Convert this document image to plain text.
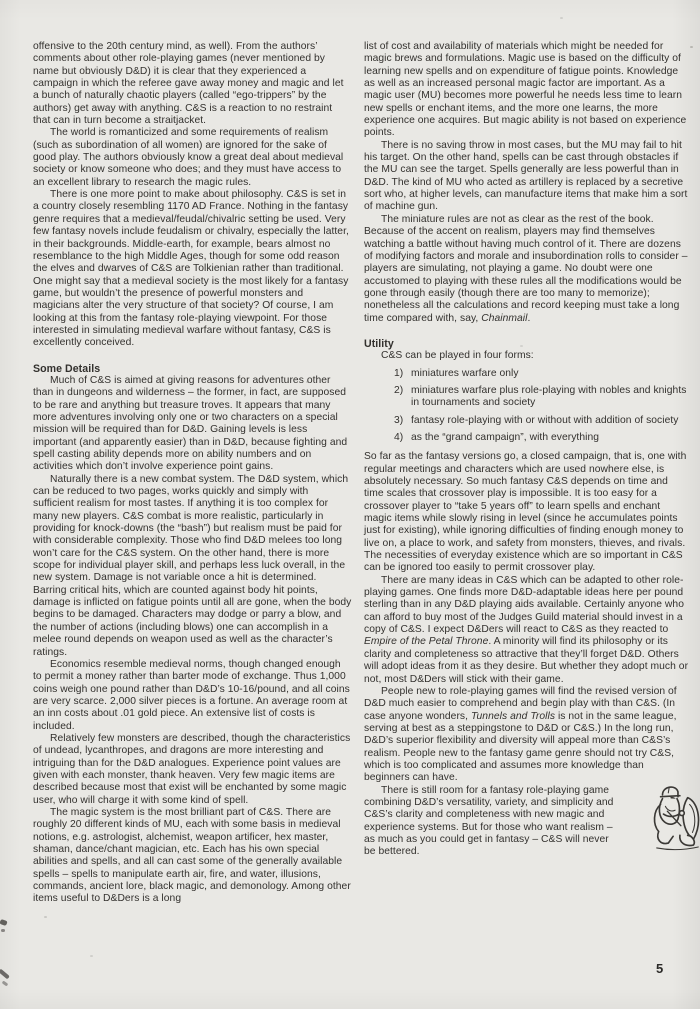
offensive to the 20th century mind, as well). From the authors’ comments about other role-playing games (never mentioned by name but obviously D&D) it is clear that they experienced a campaign in which the referee gave away money and magic and let a bunch of naturally chaotic players (called “ego-trippers” by the authors) get away with anything. C&S is a reaction to no restraint that can in turn become a straitjacket.

The world is romanticized and some requirements of realism (such as subordination of all women) are ignored for the sake of good play. The authors obviously know a great deal about medieval society or know someone who does; and they must have access to an excellent library to research the magic rules.

There is one more point to make about philosophy. C&S is set in a country closely resembling 1170 AD France. Nothing in the fantasy genre requires that a medieval/feudal/chivalric setting be used. Very few fantasy novels include feudalism or chivalry, especially the latter, in their backgrounds. Middle-earth, for example, bears almost no resemblance to the high Middle Ages, though for some odd reason the elves and dwarves of C&S are Tolkienian rather than traditional. One might say that a medieval society is the most likely for a fantasy game, but wouldn’t the presence of powerful monsters and magicians alter the very structure of that society? Of course, I am looking at this from the fantasy role-playing viewpoint. For those interested in simulating medieval warfare without fantasy, C&S is excellently conceived.

Some Details

Much of C&S is aimed at giving reasons for adventures other than in dungeons and wilderness – the former, in fact, are supposed to be rare and anything but treasure troves. It appears that many more adventures involving only one or two characters on a special mission will be required than for D&D. Gaining levels is less important (and apparently easier) than in D&D, because fighting and spell casting ability depends more on ability numbers and on activities which don’t involve experience point gains.

Naturally there is a new combat system. The D&D system, which can be reduced to two pages, works quickly and simply with sufficient realism for most tastes. If anything it is too complex for many new players. C&S combat is more realistic, particularly in providing for knock-downs (the “bash”) but realism must be paid for with considerable complexity. Those who find D&D melees too long won’t care for the C&S system. On the other hand, there is more scope for individual player skill, and perhaps less luck overall, in the new system. Damage is not variable once a hit is determined. Barring critical hits, which are counted against body hit points, damage is inflicted on fatigue points until all are gone, when the body begins to be damaged. Characters may dodge or parry a blow, and the number of actions (including blows) one can accomplish in a melee round depends on weapon used as well as the character’s ratings.

Economics resemble medieval norms, though changed enough to permit a money rather than barter mode of exchange. Thus 1,000 coins weigh one pound rather than D&D’s 10-16/pound, and all coins are very scarce. 2,000 silver pieces is a fortune. An average room at an inn costs about .01 gold piece. An extensive list of costs is included.

Relatively few monsters are described, though the characteristics of undead, lycanthropes, and dragons are more interesting and intriguing than for the D&D analogues. Experience point values are given with each monster, thank heaven. Very few magic items are described because most that exist will be enchanted by some magic user, who will charge it with some kind of spell.

The magic system is the most brilliant part of C&S. There are roughly 20 different kinds of MU, each with some basis in medieval notions, e.g. astrologist, alchemist, weapon artificer, hex master, shaman, dance/chant magician, etc. Each has his own special abilities and spells, and all can cast some of the generally available spells – spells to manipulate earth air, fire, and water, illusions, commands, ancient lore, black magic, and demonology. Among other items useful to D&Ders is a long

list of cost and availability of materials which might be needed for magic brews and formulations. Magic use is based on the difficulty of learning new spells and on expenditure of fatigue points. Knowledge as well as an increased personal magic factor are important. As a magic user (MU) becomes more powerful he needs less time to learn new spells or enchant items, and the more one learns, the more experience one acquires. But magic ability is not based on experience points.

There is no saving throw in most cases, but the MU may fail to hit his target. On the other hand, spells can be cast through obstacles if the MU can see the target. Spells generally are less powerful than in D&D. The kind of MU who acted as artillery is replaced by a secretive sort who, at higher levels, can manufacture items that make him a sort of machine gun.

The miniature rules are not as clear as the rest of the book. Because of the accent on realism, players may find themselves watching a battle without having much control of it. There are dozens of modifying factors and morale and insubordination rolls to consider – players are simulating, not playing a game. No doubt were one accustomed to playing with these rules all the modifications would be gone through easily (though there are too many to memorize); nonetheless all the calculations and record keeping must take a long time compared with, say, Chainmail.

Utility

C&S can be played in four forms:

1) miniatures warfare only
2) miniatures warfare plus role-playing with nobles and knights in tournaments and society
3) fantasy role-playing with or without with addition of society
4) as the “grand campaign”, with everything

So far as the fantasy versions go, a closed campaign, that is, one with regular meetings and characters which are used nowhere else, is absolutely necessary. So much fantasy C&S depends on time and time scales that crossover play is impossible. It is too easy for a crossover player to “take 5 years off” to learn spells and enchant magic items while slowly rising in level (since he accumulates points just for existing), while ignoring difficulties of finding enough money to live on, a place to work, and safety from monsters, thieves, and rivals. The necessities of everyday existence which are so important in C&S can be ignored too easily to permit crossover play.

There are many ideas in C&S which can be adapted to other role-playing games. One finds more D&D-adaptable ideas here per pound sterling than in any D&D playing aids available. Certainly anyone who can afford to buy most of the Judges Guild material should invest in a copy of C&S. I expect D&Ders will react to C&S as they reacted to Empire of the Petal Throne. A minority will find its philosophy or its clarity and completeness so attractive that they’ll forget D&D. Others will adopt ideas from it as they desire. But whether they adopt much or not, most D&Ders will stick with their game.

People new to role-playing games will find the revised version of D&D much easier to comprehend and begin play with than C&S. (In case anyone wonders, Tunnels and Trolls is not in the same league, serving at best as a steppingstone to D&D or C&S.) In the long run, D&D’s superior flexibility and diversity will appeal more than C&S’s realism. People new to the fantasy game genre should not try C&S, which is too complicated and assumes more knowledge than beginners can have.

There is still room for a fantasy role-playing game combining D&D’s versatility, variety, and simplicity and C&S’s clarity and completeness with new magic and experience systems. But for those who want realism – as much as you could get in fantasy – C&S will never be bettered.

5
